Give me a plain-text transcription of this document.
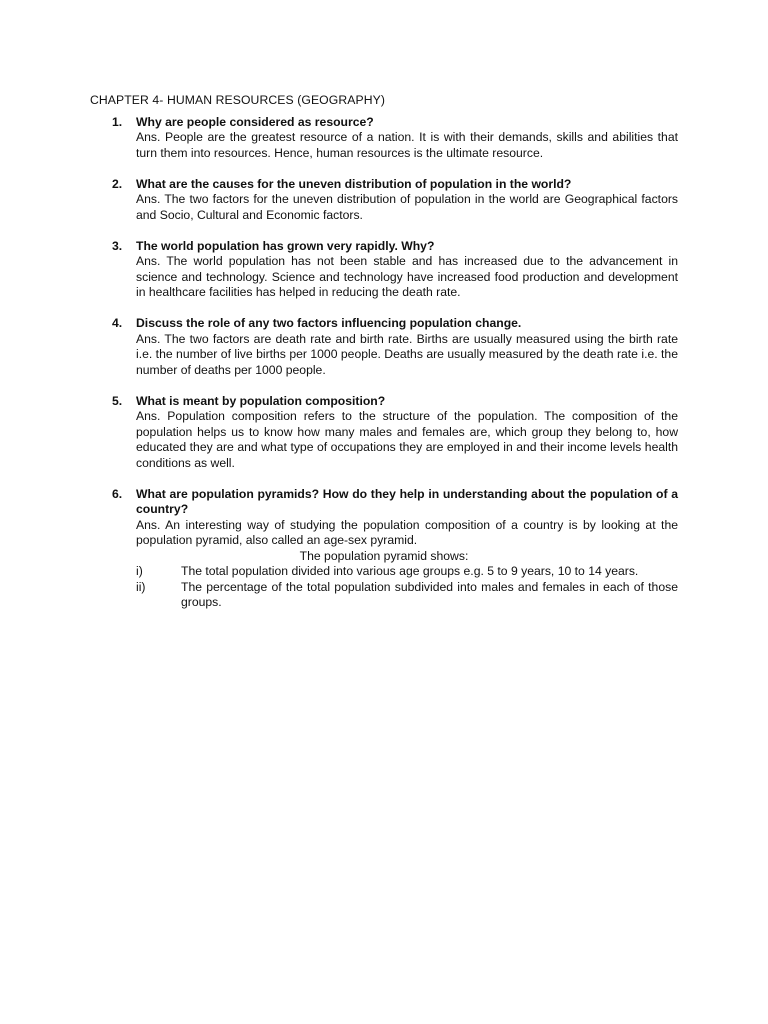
CHAPTER 4- HUMAN RESOURCES (GEOGRAPHY)
1. Why are people considered as resource?
Ans. People are the greatest resource of a nation. It is with their demands, skills and abilities that turn them into resources. Hence, human resources is the ultimate resource.
2. What are the causes for the uneven distribution of population in the world?
Ans. The two factors for the uneven distribution of population in the world are Geographical factors and Socio, Cultural and Economic factors.
3. The world population has grown very rapidly. Why?
Ans. The world population has not been stable and has increased due to the advancement in science and technology. Science and technology have increased food production and development in healthcare facilities has helped in reducing the death rate.
4. Discuss the role of any two factors influencing population change.
Ans. The two factors are death rate and birth rate. Births are usually measured using the birth rate i.e. the number of live births per 1000 people. Deaths are usually measured by the death rate i.e. the number of deaths per 1000 people.
5. What is meant by population composition?
Ans. Population composition refers to the structure of the population. The composition of the population helps us to know how many males and females are, which group they belong to, how educated they are and what type of occupations they are employed in and their income levels health conditions as well.
6. What are population pyramids? How do they help in understanding about the population of a country?
Ans. An interesting way of studying the population composition of a country is by looking at the population pyramid, also called an age-sex pyramid.
The population pyramid shows:
i)	The total population divided into various age groups e.g. 5 to 9 years, 10 to 14 years.
ii)	The percentage of the total population subdivided into males and females in each of those groups.
